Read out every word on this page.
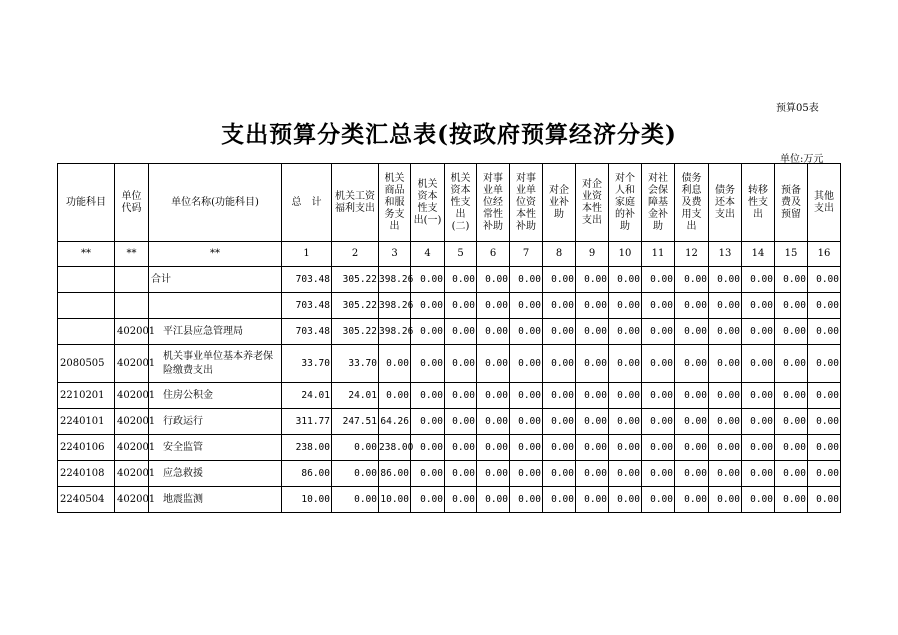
预算05表
支出预算分类汇总表(按政府预算经济分类)
单位:万元
功能科目	单位代码	单位名称(功能科目)	总　计	机关工资福利支出	机关商品和服务支出	机关资本性支出(一)	机关资本性支出(二)	对事业单位经常性补助	对事业单位资本性补助	对企业补助	对企业资本性支出	对个人和家庭的补助	对社会保障基金补助	债务利息及费用支出	债务还本支出	转移性支出	预备费及预留	其他支出
**	**	**	1	2	3	4	5	6	7	8	9	10	11	12	13	14	15	16
		合计	703.48	305.22	398.26	0.00	0.00	0.00	0.00	0.00	0.00	0.00	0.00	0.00	0.00	0.00	0.00	0.00
			703.48	305.22	398.26	0.00	0.00	0.00	0.00	0.00	0.00	0.00	0.00	0.00	0.00	0.00	0.00	0.00
	402001	平江县应急管理局	703.48	305.22	398.26	0.00	0.00	0.00	0.00	0.00	0.00	0.00	0.00	0.00	0.00	0.00	0.00	0.00
2080505	402001	机关事业单位基本养老保险缴费支出	33.70	33.70	0.00	0.00	0.00	0.00	0.00	0.00	0.00	0.00	0.00	0.00	0.00	0.00	0.00	0.00
2210201	402001	住房公积金	24.01	24.01	0.00	0.00	0.00	0.00	0.00	0.00	0.00	0.00	0.00	0.00	0.00	0.00	0.00	0.00
2240101	402001	行政运行	311.77	247.51	64.26	0.00	0.00	0.00	0.00	0.00	0.00	0.00	0.00	0.00	0.00	0.00	0.00	0.00
2240106	402001	安全监管	238.00	0.00	238.00	0.00	0.00	0.00	0.00	0.00	0.00	0.00	0.00	0.00	0.00	0.00	0.00	0.00
2240108	402001	应急救援	86.00	0.00	86.00	0.00	0.00	0.00	0.00	0.00	0.00	0.00	0.00	0.00	0.00	0.00	0.00	0.00
2240504	402001	地震监测	10.00	0.00	10.00	0.00	0.00	0.00	0.00	0.00	0.00	0.00	0.00	0.00	0.00	0.00	0.00	0.00
